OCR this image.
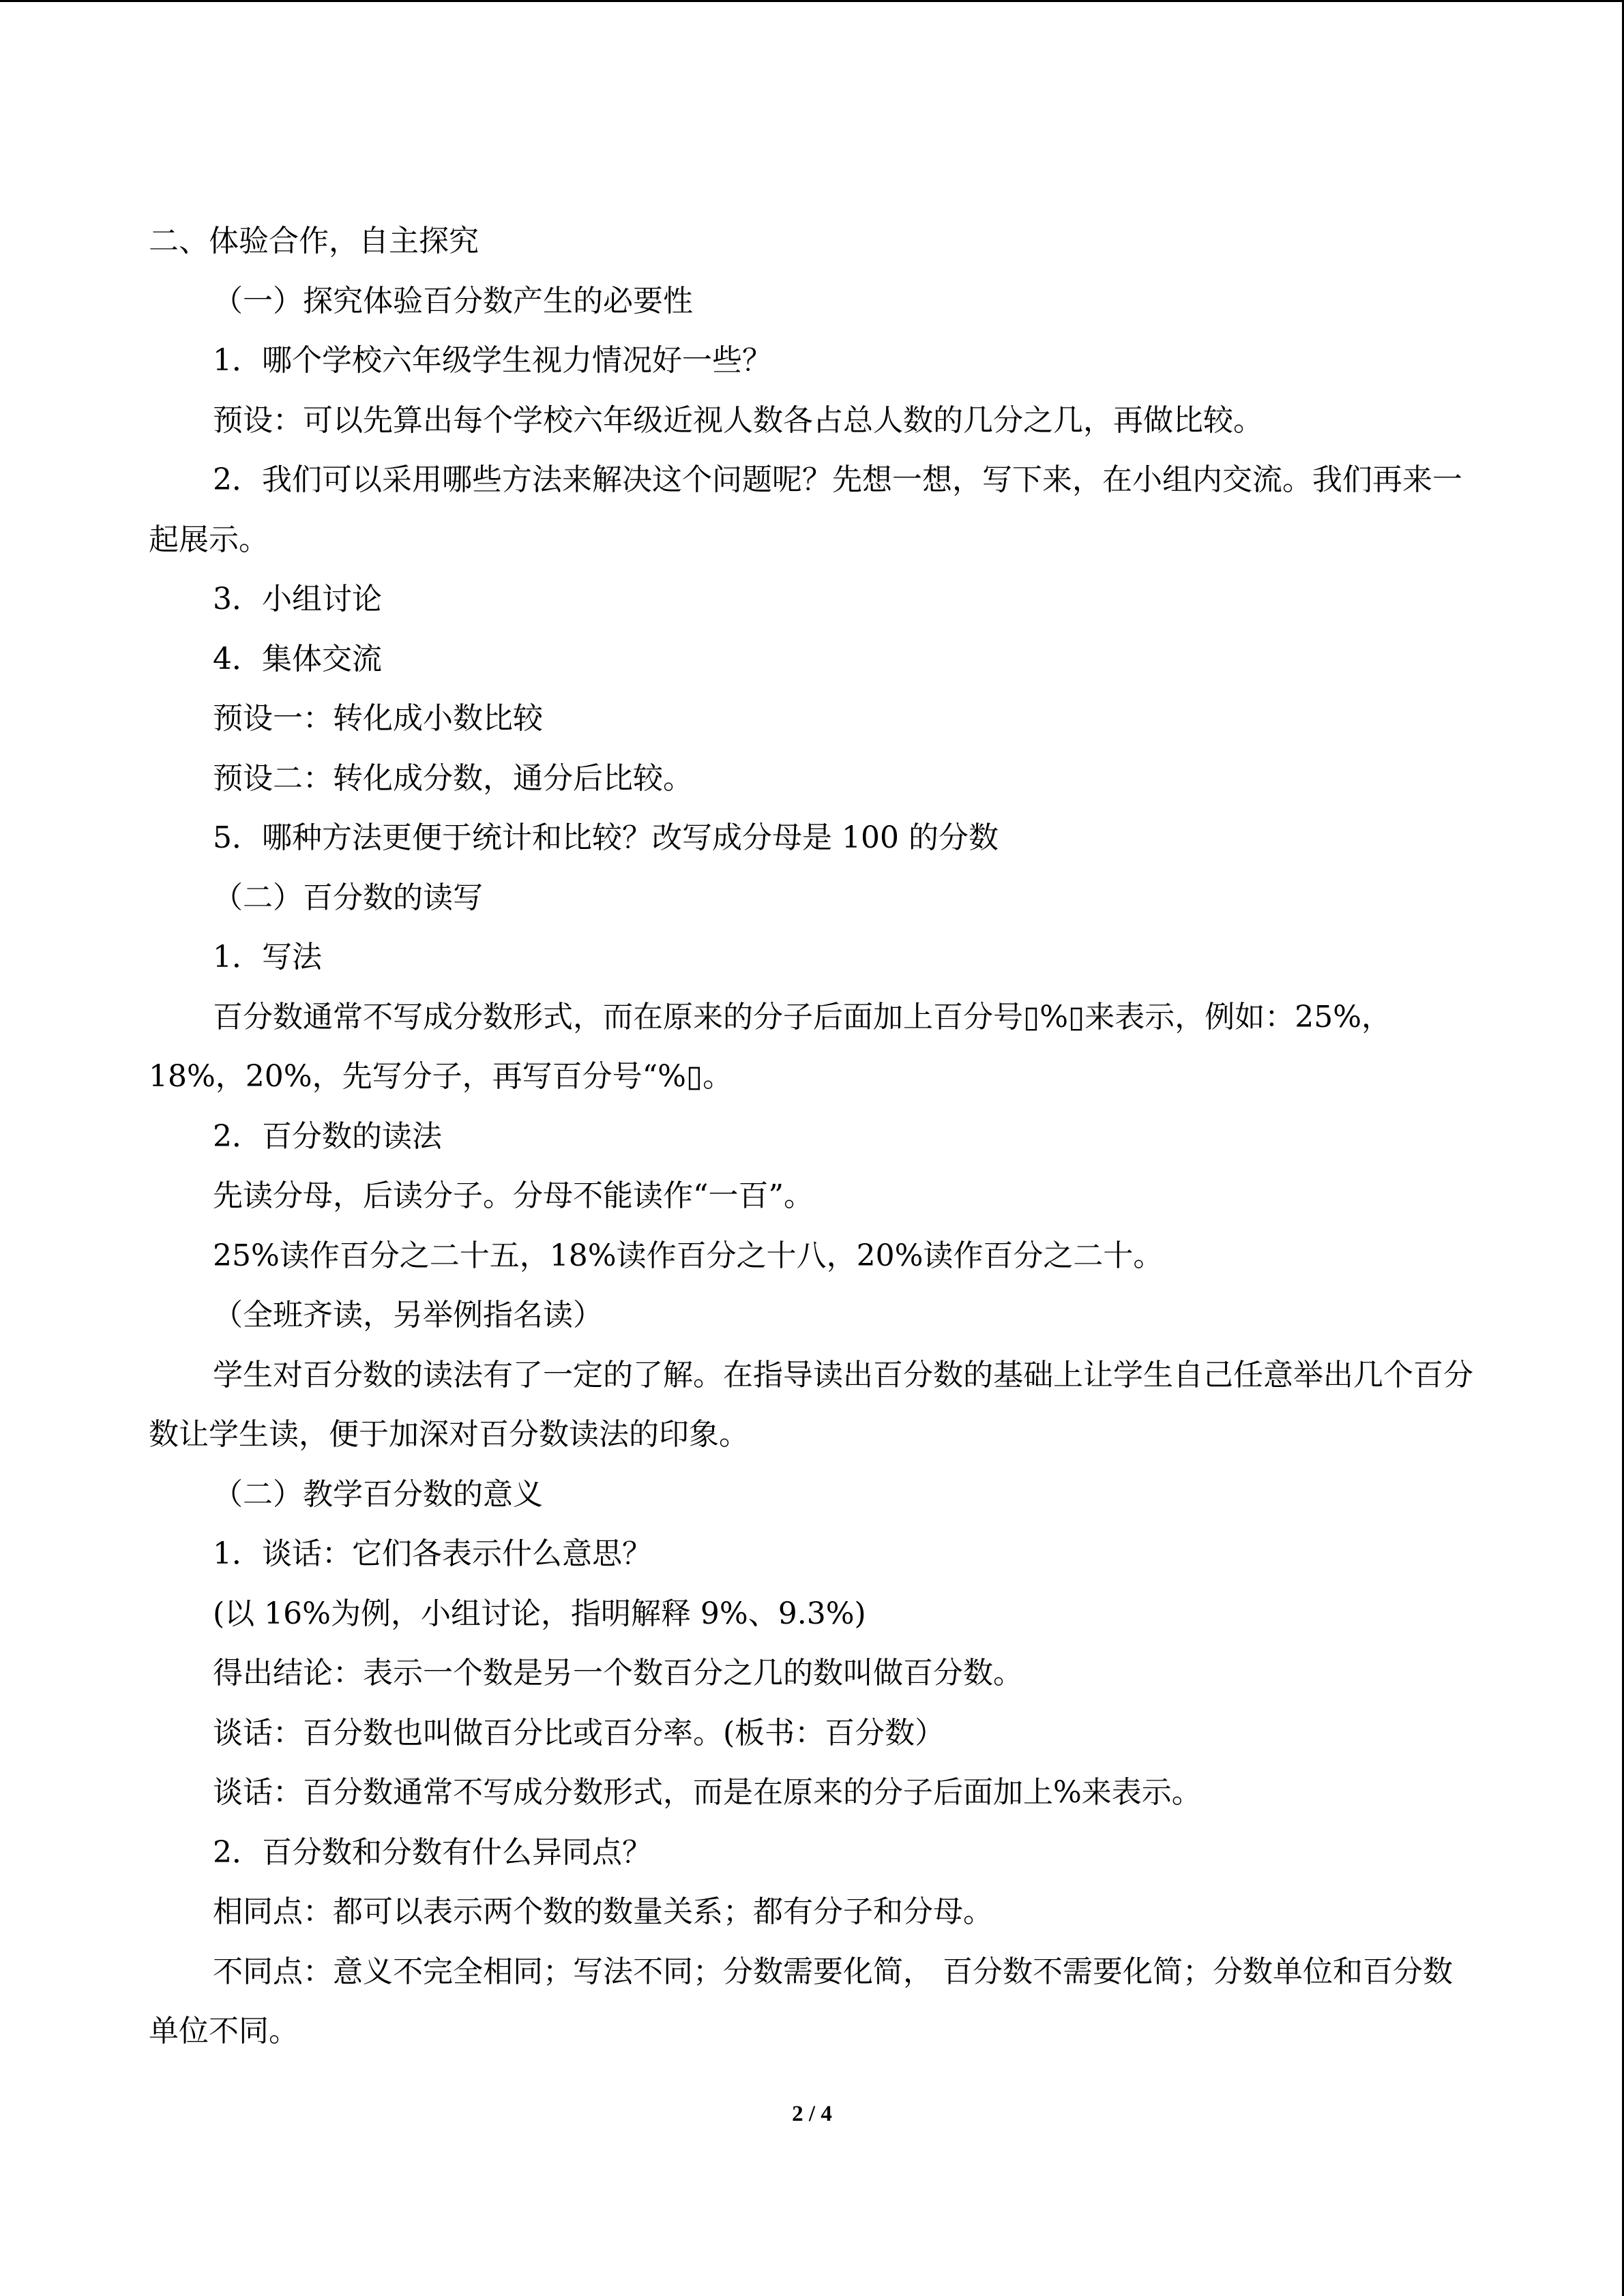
二、体验合作，自主探究
（一）探究体验百分数产生的必要性
1．哪个学校六年级学生视力情况好一些？
预设：可以先算出每个学校六年级近视人数各占总人数的几分之几，再做比较。
2．我们可以采用哪些方法来解决这个问题呢？先想一想，写下来，在小组内交流。我们再来一起展示。
3．小组讨论
4．集体交流
预设一：转化成小数比较
预设二：转化成分数，通分后比较。
5．哪种方法更便于统计和比较？改写成分母是 100 的分数
（二）百分数的读写
1．写法
百分数通常不写成分数形式，而在原来的分子后面加上百分号▯%▯来表示，例如：25%，18%，20%，先写分子，再写百分号“%▯。
2．百分数的读法
先读分母，后读分子。分母不能读作“一百”。
25%读作百分之二十五，18%读作百分之十八，20%读作百分之二十。
（全班齐读，另举例指名读）
学生对百分数的读法有了一定的了解。在指导读出百分数的基础上让学生自己任意举出几个百分数让学生读，便于加深对百分数读法的印象。
（二）教学百分数的意义
1．谈话：它们各表示什么意思？
(以 16%为例，小组讨论，指明解释 9%、9.3%)
得出结论：表示一个数是另一个数百分之几的数叫做百分数。
谈话：百分数也叫做百分比或百分率。(板书：百分数）
谈话：百分数通常不写成分数形式，而是在原来的分子后面加上%来表示。
2．百分数和分数有什么异同点？
相同点：都可以表示两个数的数量关系；都有分子和分母。
不同点：意义不完全相同；写法不同；分数需要化简， 百分数不需要化简；分数单位和百分数单位不同。
2 / 4
